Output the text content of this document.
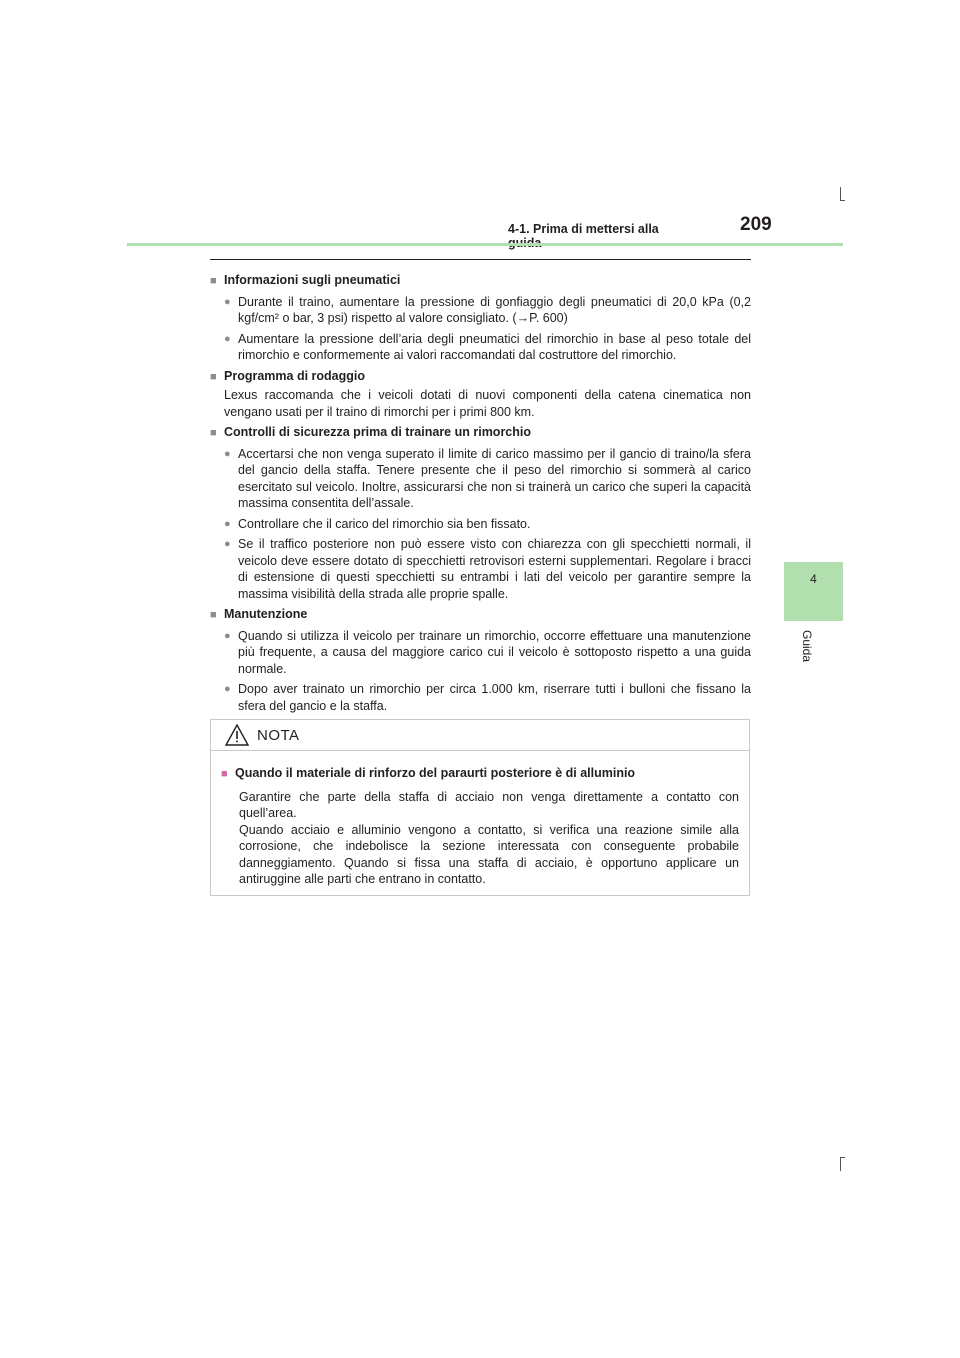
4-1. Prima di mettersi alla	209
4
Guida
■ Informazioni sugli pneumatici
● Durante il traino, aumentare la pressione di gonfiaggio degli pneumatici di 20,0 kPa (0,2 kgf/cm² o bar, 3 psi) rispetto al valore consigliato. (→P. 600)
● Aumentare la pressione dell’aria degli pneumatici del rimorchio in base al peso totale del rimorchio e conformemente ai valori raccomandati dal costruttore del rimorchio.
■ Programma di rodaggio
Lexus raccomanda che i veicoli dotati di nuovi componenti della catena cinematica non vengano usati per il traino di rimorchi per i primi 800 km.
■ Controlli di sicurezza prima di trainare un rimorchio
● Accertarsi che non venga superato il limite di carico massimo per il gancio di traino/la sfera del gancio della staffa. Tenere presente che il peso del rimorchio si sommerà al carico esercitato sul veicolo. Inoltre, assicurarsi che non si trainerà un carico che superi la capacità massima consentita dell’assale.
● Controllare che il carico del rimorchio sia ben fissato.
● Se il traffico posteriore non può essere visto con chiarezza con gli specchietti normali, il veicolo deve essere dotato di specchietti retrovisori esterni supplementari. Regolare i bracci di estensione di questi specchietti su entrambi i lati del veicolo per garantire sempre la massima visibilità della strada alle proprie spalle.
■ Manutenzione
● Quando si utilizza il veicolo per trainare un rimorchio, occorre effettuare una manutenzione più frequente, a causa del maggiore carico cui il veicolo è sottoposto rispetto a una guida normale.
● Dopo aver trainato un rimorchio per circa 1.000 km, riserrare tutti i bulloni che fissano la sfera del gancio e la staffa.
NOTA
■ Quando il materiale di rinforzo del paraurti posteriore è di alluminio
Garantire che parte della staffa di acciaio non venga direttamente a contatto con quell’area.
Quando acciaio e alluminio vengono a contatto, si verifica una reazione simile alla corrosione, che indebolisce la sezione interessata con conseguente probabile danneggiamento. Quando si fissa una staffa di acciaio, è opportuno applicare un antiruggine alle parti che entrano in contatto.
